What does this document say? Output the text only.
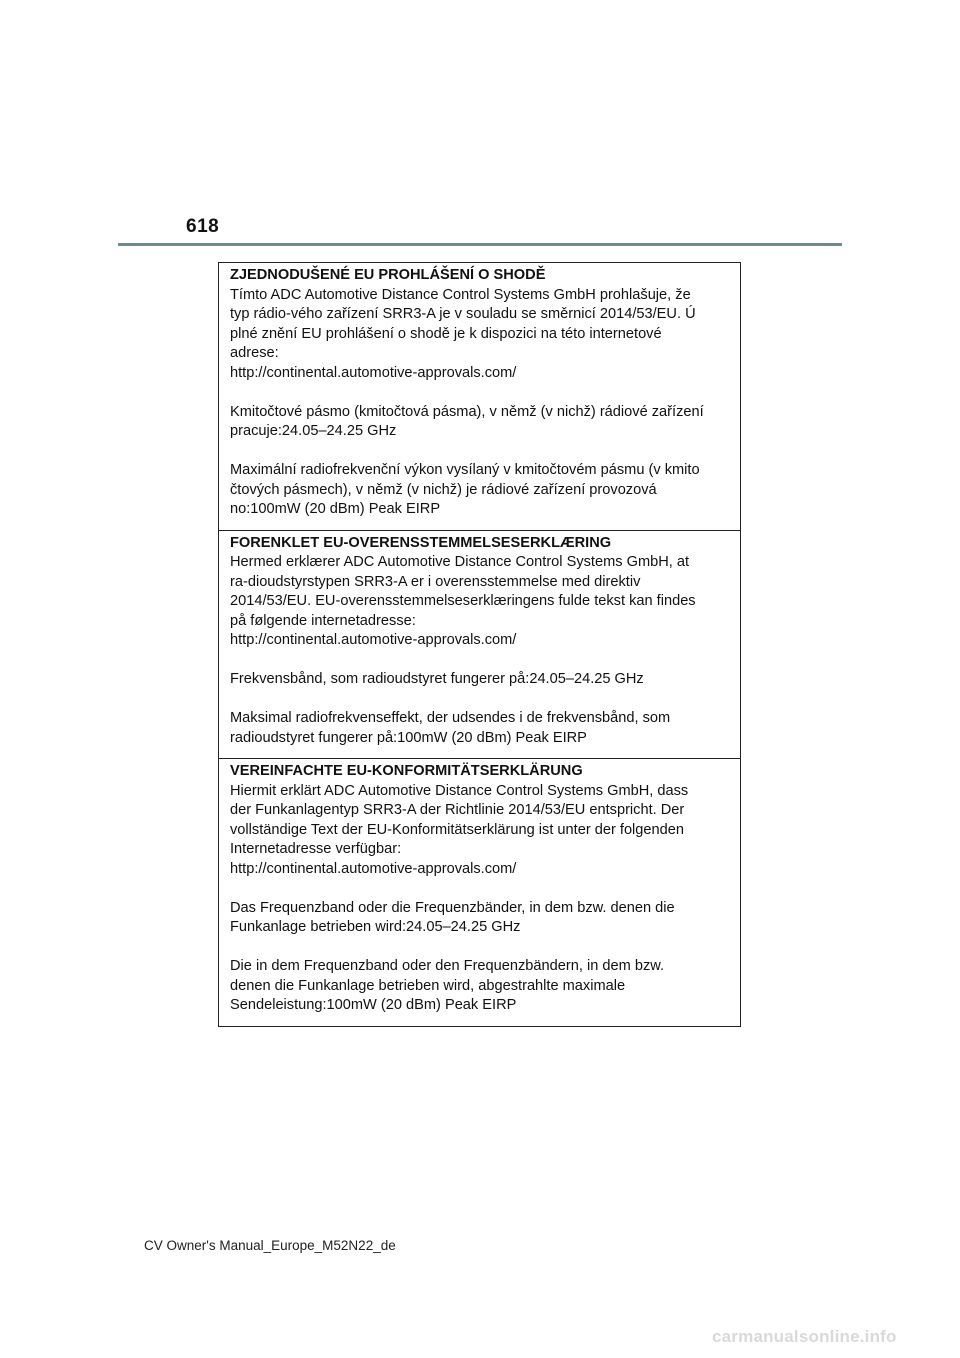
618
ZJEDNODUŠENÉ EU PROHLÁŠENÍ O SHODĚ
Tímto ADC Automotive Distance Control Systems GmbH prohlašuje, že
typ rádio-vého zařízení SRR3-A je v souladu se směrnicí 2014/53/EU. Ú
plné znění EU prohlášení o shodě je k dispozici na této internetové
adrese:
http://continental.automotive-approvals.com/
Kmitočtové pásmo (kmitočtová pásma), v němž (v nichž) rádiové zařízení
pracuje:24.05–24.25 GHz
Maximální radiofrekvenční výkon vysílaný v kmitočtovém pásmu (v kmito
čtových pásmech), v němž (v nichž) je rádiové zařízení provozová
no:100mW (20 dBm) Peak EIRP
FORENKLET EU-OVERENSSTEMMELSESERKLÆRING
Hermed erklærer ADC Automotive Distance Control Systems GmbH, at
ra-dioudstyrstypen SRR3-A er i overensstemmelse med direktiv
2014/53/EU. EU-overensstemmelseserklæringens fulde tekst kan findes
på følgende internetadresse:
http://continental.automotive-approvals.com/
Frekvensbånd, som radioudstyret fungerer på:24.05–24.25 GHz
Maksimal radiofrekvenseffekt, der udsendes i de frekvensbånd, som
radioudstyret fungerer på:100mW (20 dBm) Peak EIRP
VEREINFACHTE EU-KONFORMITÄTSERKLÄRUNG
Hiermit erklärt ADC Automotive Distance Control Systems GmbH, dass
der Funkanlagentyp SRR3-A der Richtlinie 2014/53/EU entspricht. Der
vollständige Text der EU-Konformitätserklärung ist unter der folgenden
Internetadresse verfügbar:
http://continental.automotive-approvals.com/
Das Frequenzband oder die Frequenzbänder, in dem bzw. denen die
Funkanlage betrieben wird:24.05–24.25 GHz
Die in dem Frequenzband oder den Frequenzbändern, in dem bzw.
denen die Funkanlage betrieben wird, abgestrahlte maximale
Sendeleistung:100mW (20 dBm) Peak EIRP
CV Owner's Manual_Europe_M52N22_de
carmanualsonline.info
